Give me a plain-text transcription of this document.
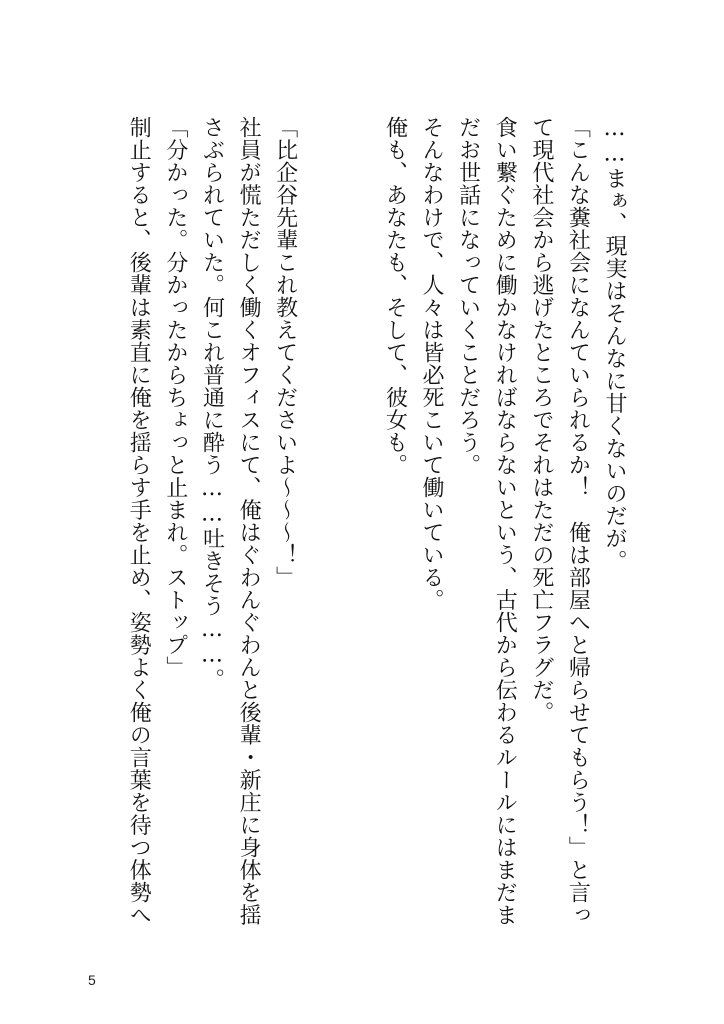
……まぁ、現実はそんなに甘くないのだが。

「こんな糞社会になんていられるか！　俺は部屋へと帰らせてもらう！」と言っ

て現代社会から逃げたところでそれはただの死亡フラグだ。

食い繋ぐために働かなければならないという、古代から伝わるルールにはまだま

だお世話になっていくことだろう。

そんなわけで、人々は皆必死こいて働いている。

俺も、あなたも、そして、彼女も。

「比企谷先輩これ教えてくださいよ～～～！」

社員が慌ただしく働くオフィスにて、俺はぐわんぐわんと後輩・新庄に身体を揺

さぶられていた。何これ普通に酔う……吐きそう……。

「分かった。分かったからちょっと止まれ。ストップ」

制止すると、後輩は素直に俺を揺らす手を止め、姿勢よく俺の言葉を待つ体勢へ

5
